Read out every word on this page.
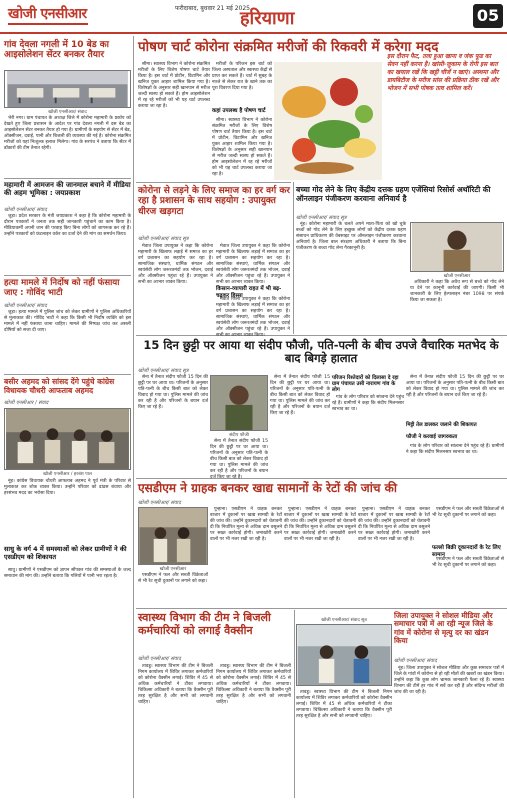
खोजी एनसीआर	फरीदाबाद, बुधवार 21 मई 2025
हरियाणा	05
गांव देवला नगली में 10 बेड का आइसोलेशन सेंटर बनकर तैयार
खोजी एनसीआर/ संवाद

भेरी नगर। ग्राम पंचायत के अध्यक्ष जिले में कोरोना महामारी के प्रकोप को देखते हुए जिला प्रशासन के आदेश पर गांव देवला नगली में दस बेड का आइसोलेशन सेंटर बनकर तैयार हो गया है। ग्रामीणों के सहयोग से सेंटर में बेड, ऑक्सीजन, दवाई, पानी और बिजली की व्यवस्था की गई है। कोरोना संक्रमित मरीजों को यहां निःशुल्क इलाज मिलेगा। गांव के सरपंच ने बताया कि सेंटर में डॉक्टरों की टीम तैनात रहेगी।

महामारी में आमजन की जानमाल बचाने में मीडिया की अहम भूमिका : जयप्रकाश
खोजी एनसीआर/ संवाद

जुड़ा। प्रदेश सरकार के मंत्री जयप्रकाश ने कहा है कि कोरोना महामारी के दौरान पत्रकारों ने जनता तक सही जानकारी पहुंचाने का काम किया है। मीडियाकर्मी अपनी जान की परवाह किए बिना लोगों को जागरूक कर रहे हैं। उन्होंने पत्रकारों को फ्रंटलाइन वर्कर का दर्जा देने की मांग का समर्थन किया।

हत्या मामले में निर्दोष को नहीं फंसाया जाए : गोविंद भाटी
खोजी एनसीआर/ संवाद

जुड़ा। हत्या मामले में पुलिस जांच को लेकर ग्रामीणों ने पुलिस अधिकारियों से मुलाकात की। गोविंद भाटी ने कहा कि किसी भी निर्दोष व्यक्ति को इस मामले में नहीं फंसाया जाना चाहिए। मामले की निष्पक्ष जांच कर असली दोषियों को सजा दी जाए।

बसीर अहमद को सांसद देंगे पहुंचे कांग्रेस विधायक चौधरी आफताब अहमद
खोजी एनसीआर / संवाद
खोजी एनसीआर / हरबंश पाल

नूंह। कांग्रेस विधायक चौधरी आफताब अहमद ने पूर्व मंत्री के परिवार से मुलाकात कर शोक व्यक्त किया। उन्होंने परिवार को ढांढस बंधाया और हरसंभव मदद का भरोसा दिया।

साधु के वर्ग 4 में समस्याओं को लेकर ग्रामीणों ने की एसडीएम को शिकायत

साधु। ग्रामीणों ने एसडीएम को ज्ञापन सौंपकर गांव की समस्याओं के जल्द समाधान की मांग की। उन्होंने बताया कि गलियों में पानी भरा रहता है।

पोषण चार्ट कोरोना संक्रमित मरीजों की रिकवरी में करेगा मदद

सीमा। स्वास्थ्य विभाग ने कोरोना संक्रमित मरीजों के लिए विशेष पोषण चार्ट तैयार किया है। इस चार्ट में प्रोटीन, विटामिन और खनिज युक्त आहार शामिल किया गया है। विशेषज्ञों के अनुसार सही खानपान से मरीज जल्दी स्वस्थ हो सकते हैं। होम आइसोलेशन में रह रहे मरीजों को भी यह चार्ट उपलब्ध कराया जा रहा है।

कहां उपलब्ध है पोषण चार्ट

मरीजों के परिजन इस चार्ट को जिला अस्पताल और स्वास्थ्य केंद्रों से प्राप्त कर सकते हैं। चार्ट में सुबह के नाश्ते से लेकर रात के खाने तक का पूरा विवरण दिया गया है।

सीमा। स्वास्थ्य विभाग ने कोरोना संक्रमित मरीजों के लिए विशेष पोषण चार्ट तैयार किया है। इस चार्ट में प्रोटीन, विटामिन और खनिज युक्त आहार शामिल किया गया है। विशेषज्ञों के अनुसार सही खानपान से मरीज जल्दी स्वस्थ हो सकते हैं। होम आइसोलेशन में रह रहे मरीजों को भी यह चार्ट उपलब्ध कराया जा रहा है।

इस दौरान फैट, तला हुआ खाना व जंक फूड का सेवन नहीं करना है। खांसी-जुकाम के रोगी इस बात का खयाल रखें कि खट्टी चीजें न खाएं। अस्थमा और डायबिटीज के मरीज सांस की प्रक्रिया ठीक रखें और भोजन में सभी पोषक तत्व शामिल करें।
कोरोना से लड़ने के लिए समाज का हर वर्ग कर रहा है प्रशासन के साथ सहयोग : उपायुक्त धीरज खड़गटा
खोजी एनसीआर/ संवाद सूत्र

मेवात जिला उपायुक्त ने कहा कि कोरोना महामारी के खिलाफ लड़ाई में समाज का हर वर्ग प्रशासन का सहयोग कर रहा है। सामाजिक संस्थाएं, धार्मिक संगठन और स्वयंसेवी लोग जरूरतमंदों तक भोजन, दवाई और ऑक्सीजन पहुंचा रहे हैं। उपायुक्त ने सभी का आभार व्यक्त किया।

किसान-व्यापारी राहत में भी बढ़-चढ़कर हिस्सा

मेवात जिला उपायुक्त ने कहा कि कोरोना महामारी के खिलाफ लड़ाई में समाज का हर वर्ग प्रशासन का सहयोग कर रहा है। सामाजिक संस्थाएं, धार्मिक संगठन और स्वयंसेवी लोग जरूरतमंदों तक भोजन, दवाई और ऑक्सीजन पहुंचा रहे हैं। उपायुक्त ने सभी का आभार व्यक्त किया।

मेवात जिला उपायुक्त ने कहा कि कोरोना महामारी के खिलाफ लड़ाई में समाज का हर वर्ग प्रशासन का सहयोग कर रहा है। सामाजिक संस्थाएं, धार्मिक संगठन और स्वयंसेवी लोग जरूरतमंदों तक भोजन, दवाई और ऑक्सीजन पहुंचा रहे हैं। उपायुक्त ने सभी का आभार व्यक्त किया।

बच्चा गोद लेने के लिए केंद्रीय दत्तक ग्रहण एजेंसियां रिसोर्स अथॉरिटी की ऑनलाइन पंजीकरण करवाना अनिवार्य है
खोजी एनसीआर/ संवाद सूत्र

नूंह। कोरोना महामारी के चलते अपने माता-पिता को खो चुके बच्चों को गोद लेने के लिए इच्छुक लोगों को केंद्रीय दत्तक ग्रहण संसाधन प्राधिकरण की वेबसाइट पर ऑनलाइन पंजीकरण करवाना अनिवार्य है। जिला बाल संरक्षण अधिकारी ने बताया कि बिना पंजीकरण के बच्चा गोद लेना गैरकानूनी है।

खोजी एनसीआर

अधिकारी ने कहा कि अवैध रूप से बच्चे को गोद लेने या देने पर कानूनी कार्रवाई की जाएगी। किसी भी जानकारी के लिए हेल्पलाइन नंबर 1098 पर संपर्क किया जा सकता है।

15 दिन छुट्टी पर आया था संदीप फौजी, पति-पत्नी के बीच उपजे वैचारिक मतभेद के बाद बिगड़े हालात
खोजी एनसीआर/ संवाद सूत्र

सेना में तैनात संदीप फौजी 15 दिन की छुट्टी पर घर आया था। परिजनों के अनुसार पति-पत्नी के बीच किसी बात को लेकर विवाद हो गया था। पुलिस मामले की जांच कर रही है और परिजनों के बयान दर्ज किए जा रहे हैं।

संदीप फौजी

सेना में तैनात संदीप फौजी 15 दिन की छुट्टी पर घर आया था। परिजनों के अनुसार पति-पत्नी के बीच किसी बात को लेकर विवाद हो गया था। पुलिस मामले की जांच कर रही है और परिजनों के बयान दर्ज किए जा रहे हैं।

सेना में तैनात संदीप फौजी 15 दिन की छुट्टी पर घर आया था। परिजनों के अनुसार पति-पत्नी के बीच किसी बात को लेकर विवाद हो गया था। पुलिस मामले की जांच कर रही है और परिजनों के बयान दर्ज किए जा रहे हैं।

परिजन रिश्तेदारों को दिलासा दे रहा ग्राम पंचायत उसी नारायण गांव के लोग

गांव के लोग परिवार को सांत्वना देने पहुंच रहे हैं। ग्रामीणों ने कहा कि संदीप मिलनसार स्वभाव का था।

सेना में तैनात संदीप फौजी 15 दिन की छुट्टी पर घर आया था। परिजनों के अनुसार पति-पत्नी के बीच किसी बात को लेकर विवाद हो गया था। पुलिस मामले की जांच कर रही है और परिजनों के बयान दर्ज किए जा रहे हैं।

मिट्टी तेल डालकर जलाने की शिकायत
फौजी ने करवाई जागरुकता

गांव के लोग परिवार को सांत्वना देने पहुंच रहे हैं। ग्रामीणों ने कहा कि संदीप मिलनसार स्वभाव का था।

एसडीएम ने ग्राहक बनकर खाद्य सामानों के रेटों की जांच की
खोजी एनसीआर/ संवाद
खोजी एनसीआर

पुन्हाना। एसडीएम ने ग्राहक बनकर बाजार में दुकानों पर खाद्य सामग्री के रेटों की जांच की। उन्होंने दुकानदारों को चेतावनी दी कि निर्धारित मूल्य से अधिक दाम वसूलने पर सख्त कार्रवाई होगी। जमाखोरी करने वालों पर भी नजर रखी जा रही है।

पुन्हाना। एसडीएम ने ग्राहक बनकर बाजार में दुकानों पर खाद्य सामग्री के रेटों की जांच की। उन्होंने दुकानदारों को चेतावनी दी कि निर्धारित मूल्य से अधिक दाम वसूलने पर सख्त कार्रवाई होगी। जमाखोरी करने वालों पर भी नजर रखी जा रही है।

पुन्हाना। एसडीएम ने ग्राहक बनकर बाजार में दुकानों पर खाद्य सामग्री के रेटों की जांच की। उन्होंने दुकानदारों को चेतावनी दी कि निर्धारित मूल्य से अधिक दाम वसूलने पर सख्त कार्रवाई होगी। जमाखोरी करने वालों पर भी नजर रखी जा रही है।

फल्लो बिक्री दूकानदारों के रेट लिए सामान

एसडीएम ने फल और सब्जी विक्रेताओं से भी रेट सूची दुकानों पर लगाने को कहा।

एसडीएम ने फल और सब्जी विक्रेताओं से भी रेट सूची दुकानों पर लगाने को कहा।

एसडीएम ने फल और सब्जी विक्रेताओं से भी रेट सूची दुकानों पर लगाने को कहा।

स्वास्थ्य विभाग की टीम ने बिजली कर्मचारियों को लगाई वैक्सीन
खोजी एनसीआर/ संवाद

तावडू। स्वास्थ्य विभाग की टीम ने बिजली निगम कार्यालय में शिविर लगाकर कर्मचारियों को कोरोना वैक्सीन लगाई। शिविर में 45 से अधिक कर्मचारियों ने टीका लगवाया। चिकित्सा अधिकारी ने बताया कि वैक्सीन पूरी तरह सुरक्षित है और सभी को लगवानी चाहिए।

तावडू। स्वास्थ्य विभाग की टीम ने बिजली निगम कार्यालय में शिविर लगाकर कर्मचारियों को कोरोना वैक्सीन लगाई। शिविर में 45 से अधिक कर्मचारियों ने टीका लगवाया। चिकित्सा अधिकारी ने बताया कि वैक्सीन पूरी तरह सुरक्षित है और सभी को लगवानी चाहिए।

खोजी एनसीआर/ संवाद सूत्र

तावडू। स्वास्थ्य विभाग की टीम ने बिजली निगम कार्यालय में शिविर लगाकर कर्मचारियों को कोरोना वैक्सीन लगाई। शिविर में 45 से अधिक कर्मचारियों ने टीका लगवाया। चिकित्सा अधिकारी ने बताया कि वैक्सीन पूरी तरह सुरक्षित है और सभी को लगवानी चाहिए।

जिला उपायुक्त ने सोशल मीडिया और समाचार पत्रों में आ रही न्यूज जिले के गांव में कोरोना से मृत्यु दर का खंडन किया
खोजी एनसीआर/ संवाद

नूंह। जिला उपायुक्त ने सोशल मीडिया और कुछ समाचार पत्रों में जिले के गांवों में कोरोना से हो रही मौतों की खबरों का खंडन किया। उन्होंने कहा कि कुछ लोग भ्रामक जानकारी फैला रहे हैं। स्वास्थ्य विभाग की टीमें हर गांव में सर्वे कर रही हैं और संदिग्ध मरीजों की जांच की जा रही है।
